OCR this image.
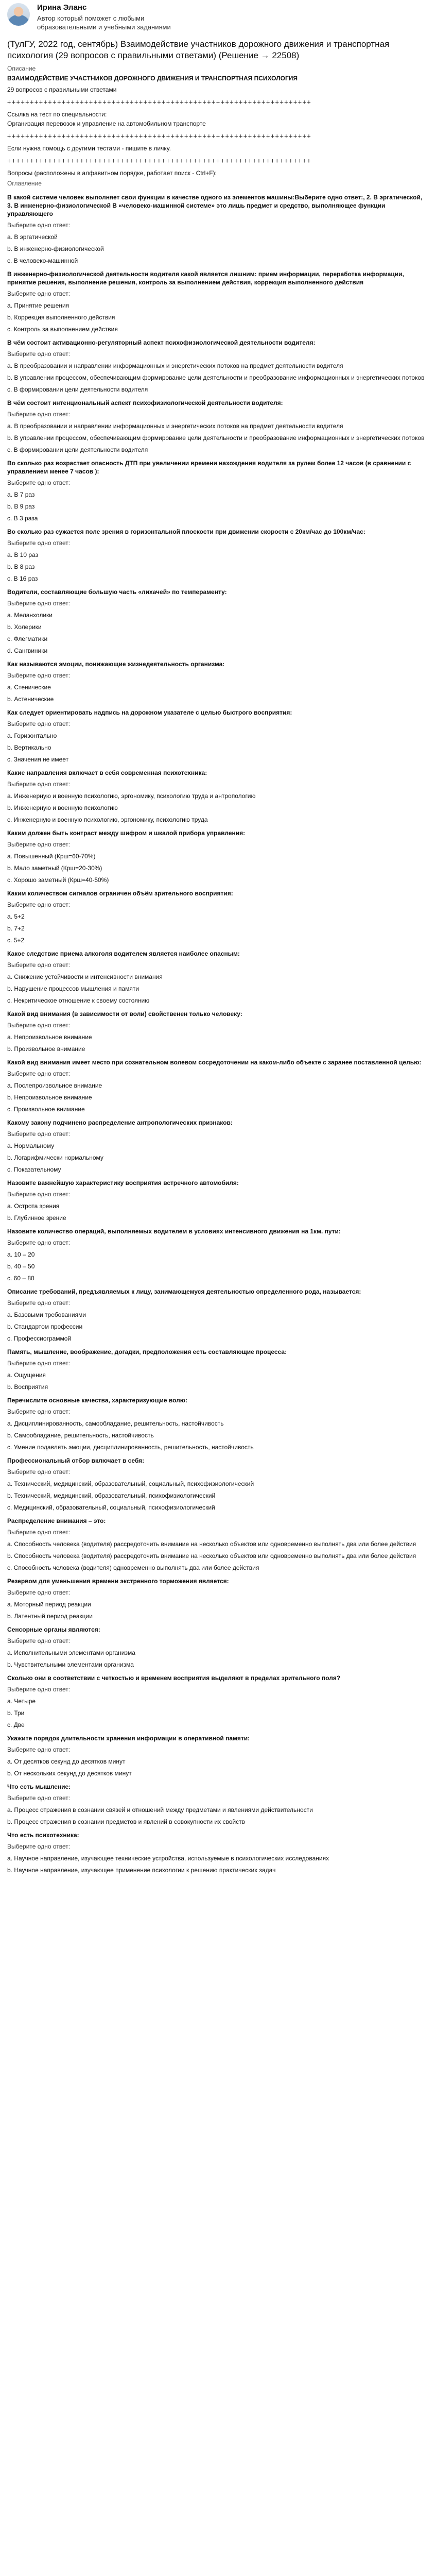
Ирина Эланс
Автор который поможет с любыми образовательными и учебными заданиями
(ТулГУ, 2022 год, сентябрь) Взаимодействие участников дорожного движения и транспортная психология (29 вопросов с правильными ответами) (Решение → 22508)
Описание
ВЗАИМОДЕЙСТВИЕ УЧАСТНИКОВ ДОРОЖНОГО ДВИЖЕНИЯ И ТРАНСПОРТНАЯ ПСИХОЛОГИЯ
29 вопросов с правильными ответами
+++++++++++++++++++++++++++++++++++++++++++++++++++++++++++++++++++
Ссылка на тест по специальности:
Организация перевозок и управление на автомобильном транспорте
+++++++++++++++++++++++++++++++++++++++++++++++++++++++++++++++++++
Если нужна помощь с другими тестами - пишите в личку.
+++++++++++++++++++++++++++++++++++++++++++++++++++++++++++++++++++
Вопросы (расположены в алфавитном порядке, работает поиск - Ctrl+F):
Оглавление
В какой системе человек выполняет свои функции в качестве одного из элементов машины:Выберите одно ответ:, 2. В эргатической, 3. В инженерно-физиологической В «человеко-машинной системе» это лишь предмет и средство, выполняющее функции управляющего
Выберите одно ответ:
a. В эргатической
b. В инженерно-физиологической
c. В человеко-машинной
В инженерно-физиологической деятельности водителя какой является лишним: прием информации, переработка информации, принятие решения, выполнение решения, контроль за выполнением действия, коррекция выполненного действия
Выберите одно ответ:
a. Принятие решения
b. Коррекция выполненного действия
c. Контроль за выполнением действия
В чём состоит активационно-регуляторный аспект психофизиологической деятельности водителя:
Выберите одно ответ:
a. В преобразовании и направлении информационных и энергетических потоков на предмет деятельности водителя
b. В управлении процессом, обеспечивающим формирование цели деятельности и преобразование информационных и энергетических потоков
c. В формировании цели деятельности водителя
В чём состоит интенциональный аспект психофизиологической деятельности водителя:
Выберите одно ответ:
a. В преобразовании и направлении информационных и энергетических потоков на предмет деятельности водителя
b. В управлении процессом, обеспечивающим формирование цели деятельности и преобразование информационных и энергетических потоков
c. В формировании цели деятельности водителя
Во сколько раз возрастает опасность ДТП при увеличении времени нахождения водителя за рулем более 12 часов (в сравнении с управлением менее 7 часов ):
Выберите одно ответ:
a. В 7 раз
b. В 9 раз
c. В 3 раза
Во сколько раз сужается поле зрения в горизонтальной плоскости при движении скорости с 20км/час до 100км/час:
Выберите одно ответ:
a. В 10 раз
b. В 8 раз
c. В 16 раз
Водители, составляющие большую часть «лихачей» по темпераменту:
Выберите одно ответ:
a. Меланхолики
b. Холерики
c. Флегматики
d. Сангвиники
Как называются эмоции, понижающие жизнедеятельность организма:
Выберите одно ответ:
a. Стенические
b. Астенические
Как следует ориентировать надпись на дорожном указателе с целью быстрого восприятия:
Выберите одно ответ:
a. Горизонтально
b. Вертикально
c. Значения не имеет
Какие направления включает в себя современная психотехника:
Выберите одно ответ:
a. Инженерную и военную психологию, эргономику, психологию труда и антропологию
b. Инженерную и военную психологию
c. Инженерную и военную психологию, эргономику, психологию труда
Каким должен быть контраст между шифром и шкалой прибора управления:
Выберите одно ответ:
a. Повышенный (Крш=60-70%)
b. Мало заметный (Крш=20-30%)
c. Хорошо заметный (Крш=40-50%)
Каким количеством сигналов ограничен объём зрительного восприятия:
Выберите одно ответ:
a. 5+2
b. 7+2
c. 5+2
Какое следствие приема алкоголя водителем является наиболее опасным:
Выберите одно ответ:
a. Снижение устойчивости и интенсивности внимания
b. Нарушение процессов мышления и памяти
c. Некритическое отношение к своему состоянию
Какой вид внимания (в зависимости от воли) свойственен только человеку:
Выберите одно ответ:
a. Непроизвольное внимание
b. Произвольное внимание
Какой вид внимания имеет место при сознательном волевом сосредоточении на каком-либо объекте с заранее поставленной целью:
Выберите одно ответ:
a. Послепроизвольное внимание
b. Непроизвольное внимание
c. Произвольное внимание
Какому закону подчинено распределение антропологических признаков:
Выберите одно ответ:
a. Нормальному
b. Логарифмически нормальному
c. Показательному
Назовите важнейшую характеристику восприятия встречного автомобиля:
Выберите одно ответ:
a. Острота зрения
b. Глубинное зрение
Назовите количество операций, выполняемых водителем в условиях интенсивного движения на 1км. пути:
Выберите одно ответ:
a. 10 – 20
b. 40 – 50
c. 60 – 80
Описание требований, предъявляемых к лицу, занимающемуся деятельностью определенного рода, называется:
Выберите одно ответ:
a. Базовыми требованиями
b. Стандартом профессии
c. Профессиограммой
Память, мышление, воображение, догадки, предположения есть составляющие процесса:
Выберите одно ответ:
a. Ощущения
b. Восприятия
Перечислите основные качества, характеризующие волю:
Выберите одно ответ:
a. Дисциплинированность, самообладание, решительность, настойчивость
b. Самообладание, решительность, настойчивость
c. Умение подавлять эмоции, дисциплинированность, решительность, настойчивость
Профессиональный отбор включает в себя:
Выберите одно ответ:
a. Технический, медицинский, образовательный, социальный, психофизиологический
b. Технический, медицинский, образовательный, психофизиологический
c. Медицинский, образовательный, социальный, психофизиологический
Распределение внимания – это:
Выберите одно ответ:
a. Способность человека (водителя) рассредоточить внимание на несколько объектов или одновременно выполнять два или более действия
b. Способность человека (водителя) рассредоточить внимание на несколько объектов или одновременно выполнять два или более действия
c. Способность человека (водителя) одновременно выполнять два или более действия
Резервом для уменьшения времени экстренного торможения является:
Выберите одно ответ:
a. Моторный период реакции
b. Латентный период реакции
Сенсорные органы являются:
Выберите одно ответ:
a. Исполнительными элементами организма
b. Чувствительными элементами организма
Сколько они в соответствии с четкостью и временем восприятия выделяют в пределах зрительного поля?
Выберите одно ответ:
a. Четыре
b. Три
c. Две
Укажите порядок длительности хранения информации в оперативной памяти:
Выберите одно ответ:
a. От десятков секунд до десятков минут
b. От нескольких секунд до десятков минут
Что есть мышление:
Выберите одно ответ:
a. Процесс отражения в сознании связей и отношений между предметами и явлениями действительности
b. Процесс отражения в сознании предметов и явлений в совокупности их свойств
Что есть психотехника:
Выберите одно ответ:
a. Научное направление, изучающее технические устройства, используемые в психологических исследованиях
b. Научное направление, изучающее применение психологии к решению практических задач
